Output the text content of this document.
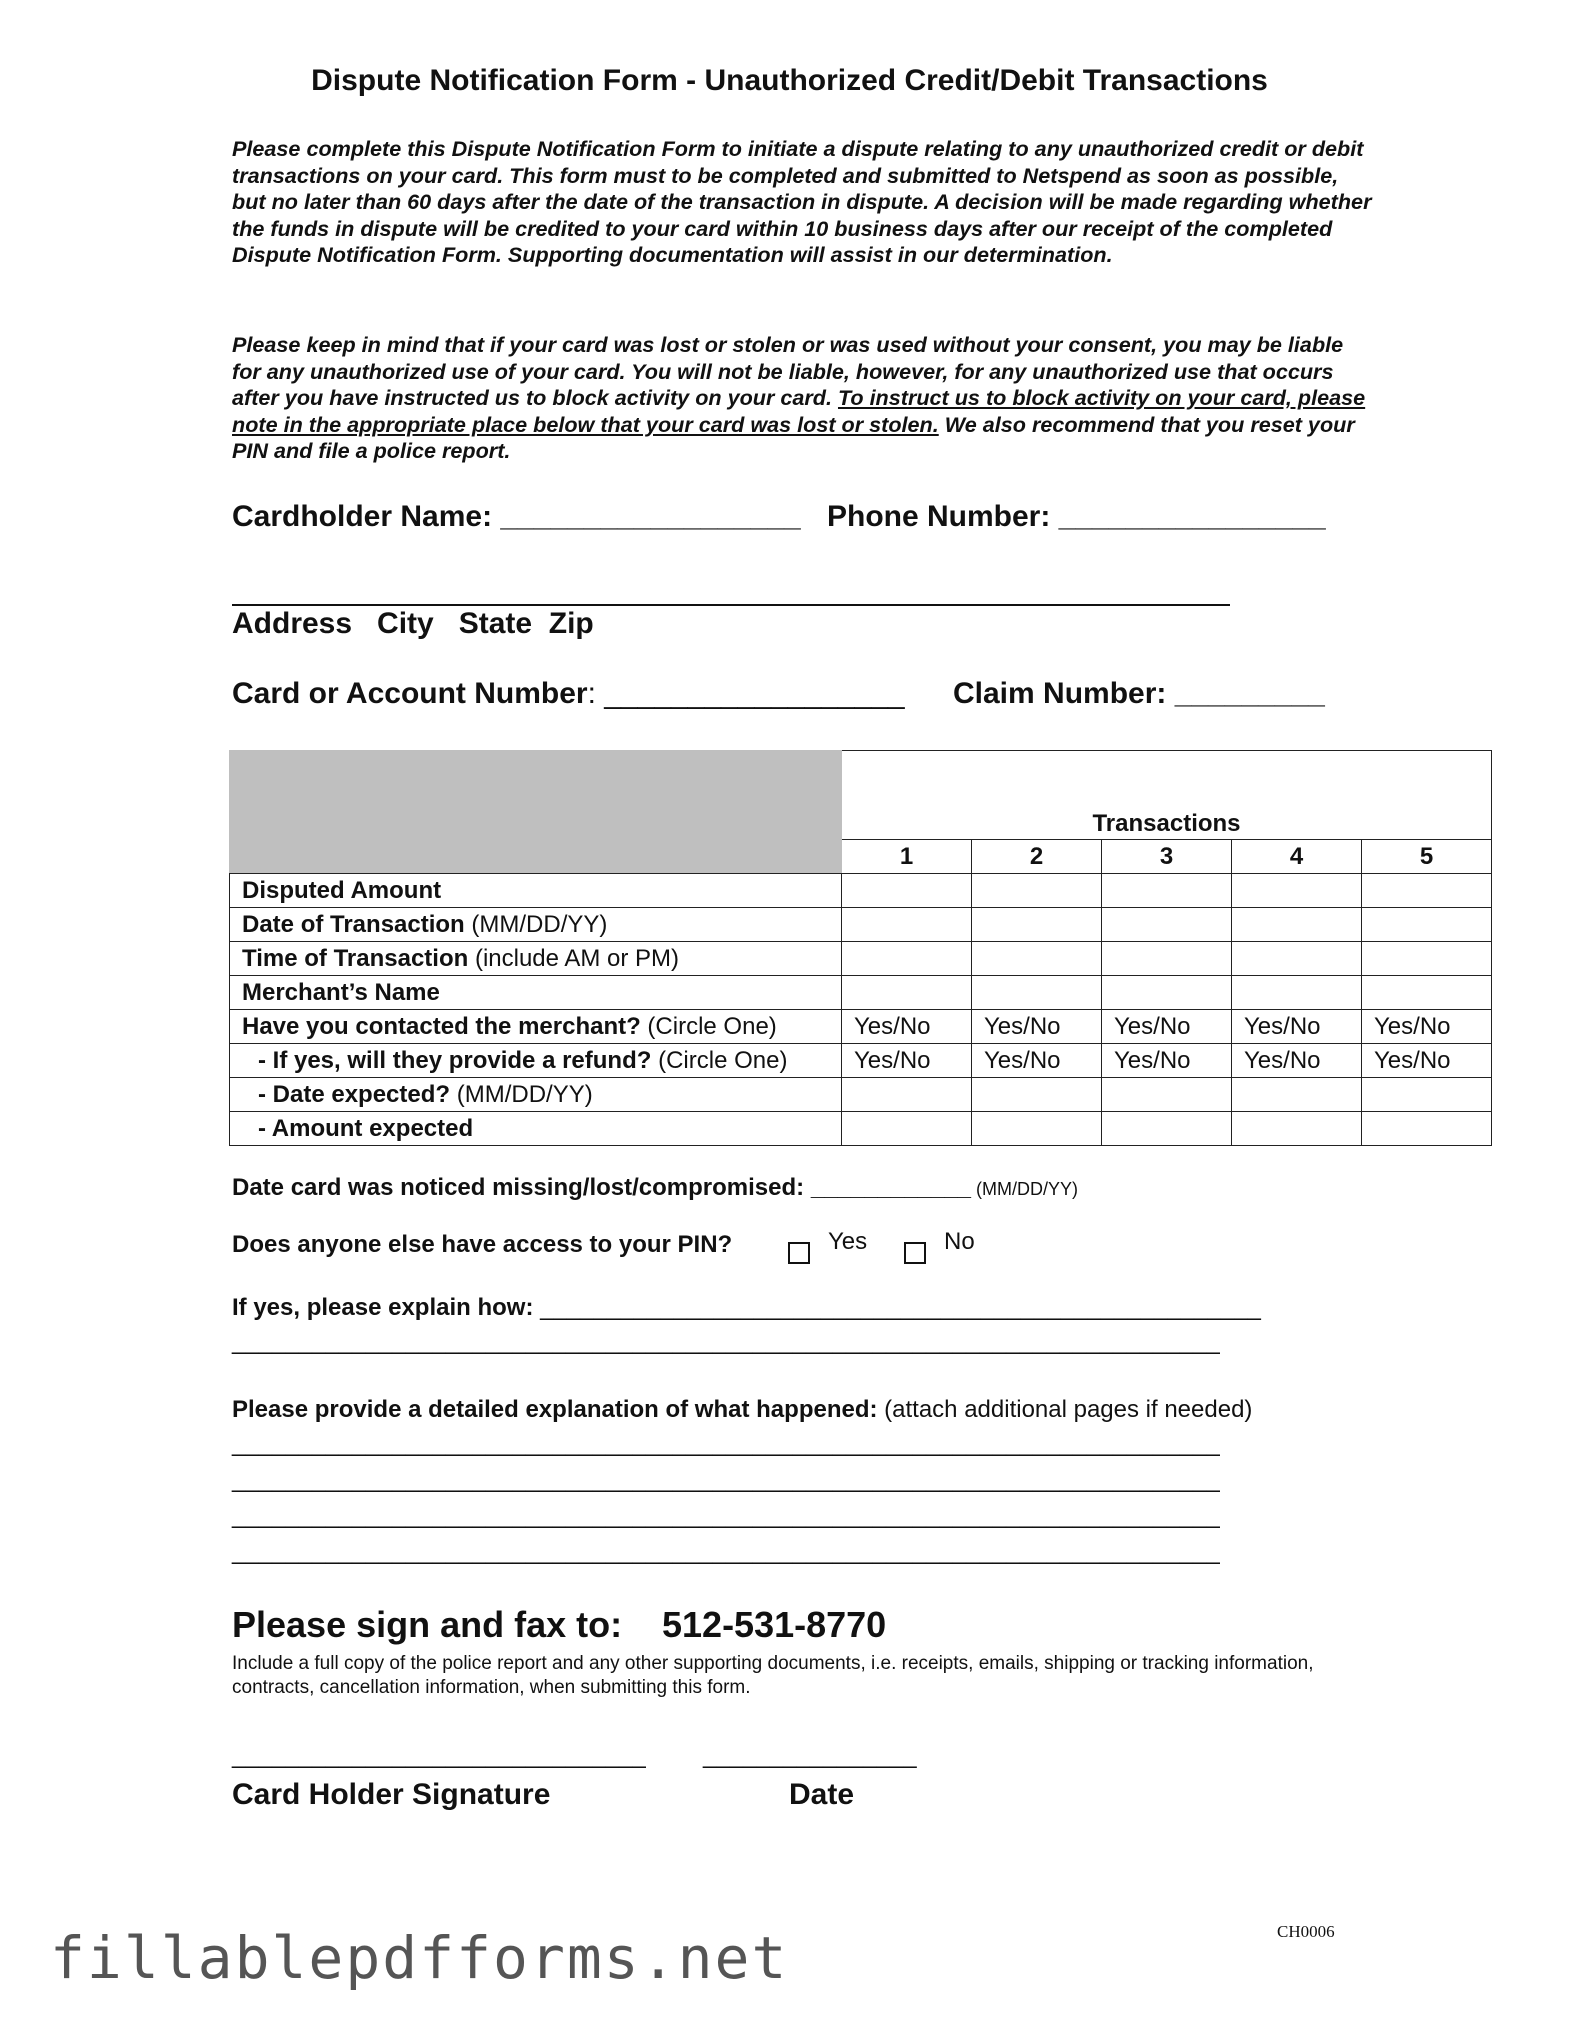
Dispute Notification Form - Unauthorized Credit/Debit Transactions

Please complete this Dispute Notification Form to initiate a dispute relating to any unauthorized credit or debit transactions on your card. This form must to be completed and submitted to Netspend as soon as possible, but no later than 60 days after the date of the transaction in dispute. A decision will be made regarding whether the funds in dispute will be credited to your card within 10 business days after our receipt of the completed Dispute Notification Form. Supporting documentation will assist in our determination.

Please keep in mind that if your card was lost or stolen or was used without your consent, you may be liable for any unauthorized use of your card. You will not be liable, however, for any unauthorized use that occurs after you have instructed us to block activity on your card. To instruct us to block activity on your card, please note in the appropriate place below that your card was lost or stolen. We also recommend that you reset your PIN and file a police report.

Cardholder Name: __________________ Phone Number: ________________
Address   City   State  Zip
Card or Account Number: __________________ Claim Number: _________
	Transactions				
	1	2	3	4	5
Disputed Amount					
Date of Transaction (MM/DD/YY)					
Time of Transaction (include AM or PM)					
Merchant’s Name					
Have you contacted the merchant? (Circle One)	Yes/No	Yes/No	Yes/No	Yes/No	Yes/No
- If yes, will they provide a refund? (Circle One)	Yes/No	Yes/No	Yes/No	Yes/No	Yes/No
- Date expected? (MM/DD/YY)					
- Amount expected					
Date card was noticed missing/lost/compromised: ____________ (MM/DD/YY)
Does anyone else have access to your PIN?	Yes	No
If yes, please explain how: ______________________________________________________
__________________________________________________________________________
Please provide a detailed explanation of what happened: (attach additional pages if needed)
__________________________________________________________________________
__________________________________________________________________________
__________________________________________________________________________
__________________________________________________________________________
Please sign and fax to: 512-531-8770
Include a full copy of the police report and any other supporting documents, i.e. receipts, emails, shipping or tracking information, contracts, cancellation information, when submitting this form.
_______________________________ ________________
Card Holder Signature	Date
CH0006
fillablepdfforms.net
